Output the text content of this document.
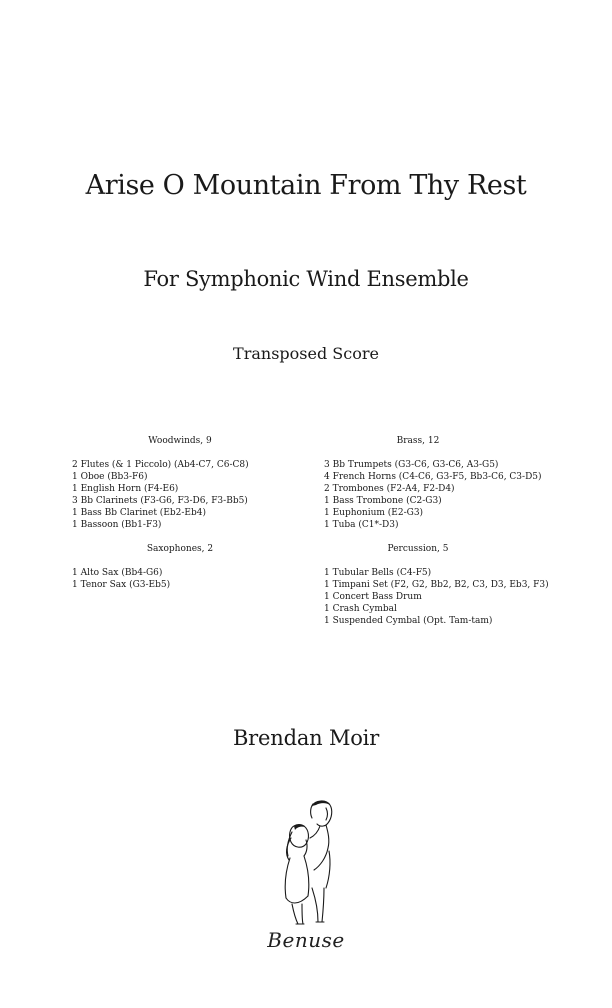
Arise O Mountain From Thy Rest
For Symphonic Wind Ensemble
Transposed Score
Woodwinds, 9
2 Flutes (& 1 Piccolo) (Ab4-C7, C6-C8)
1 Oboe (Bb3-F6)
1 English Horn (F4-E6)
3 Bb Clarinets (F3-G6, F3-D6, F3-Bb5)
1 Bass Bb Clarinet (Eb2-Eb4)
1 Bassoon (Bb1-F3)
Saxophones, 2
1 Alto Sax (Bb4-G6)
1 Tenor Sax (G3-Eb5)
Brass, 12
3 Bb Trumpets (G3-C6, G3-C6, A3-G5)
4 French Horns (C4-C6, G3-F5, Bb3-C6, C3-D5)
2 Trombones (F2-A4, F2-D4)
1 Bass Trombone (C2-G3)
1 Euphonium (E2-G3)
1 Tuba (C1*-D3)
Percussion, 5
1 Tubular Bells (C4-F5)
1 Timpani Set (F2, G2, Bb2, B2, C3, D3, Eb3, F3)
1 Concert Bass Drum
1 Crash Cymbal
1 Suspended Cymbal (Opt. Tam-tam)
Brendan Moir
Benuse
